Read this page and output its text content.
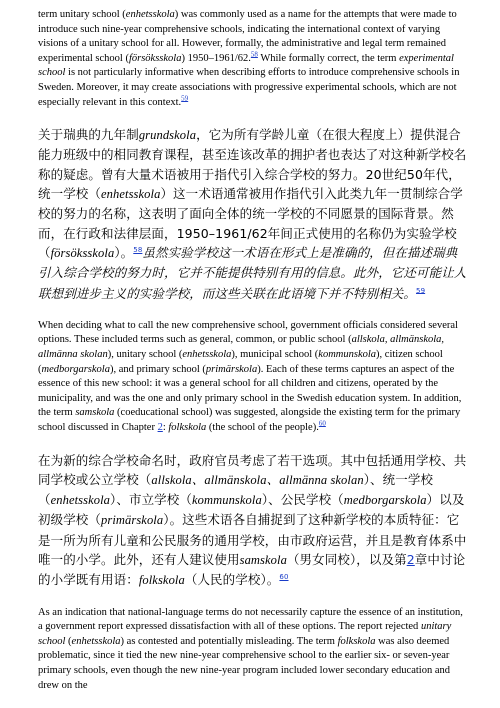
term unitary school (enhetsskola) was commonly used as a name for the attempts that were made to introduce such nine-year comprehensive schools, indicating the international context of varying visions of a unitary school for all. However, formally, the administrative and legal term remained experimental school (försöksskola) 1950–1961/62.58 While formally correct, the term experimental school is not particularly informative when describing efforts to introduce comprehensive schools in Sweden. Moreover, it may create associations with progressive experimental schools, which are not especially relevant in this context.$^{59}$

关于瑞典的九年制grundskola，它为所有学龄儿童（在很大程度上）提供混合能力班级中的相同教育课程，甚至连该改革的拥护者也表达了对这种新学校名称的疑虑。曾有大量术语被用于指代引入综合学校的努力。20世纪50年代，统一学校（enhetsskola）这一术语通常被用作指代引入此类九年一贯制综合学校的努力的名称，这表明了面向全体的统一学校的不同愿景的国际背景。然而，在行政和法律层面，1950–1961/62年间正式使用的名称仍为实验学校（försöksskola）。$^{58}$虽然实验学校这一术语在形式上是准确的，但在描述瑞典引入综合学校的努力时，它并不能提供特别有用的信息。此外，它还可能让人联想到进步主义的实验学校，而这些关联在此语境下并不特别相关。$^{59}$

When deciding what to call the new comprehensive school, government officials considered several options. These included terms such as general, common, or public school (allskola, allmänskola, allmänna skolan), unitary school (enhetsskola), municipal school (kommunskola), citizen school (medborgarskola), and primary school (primärskola). Each of these terms captures an aspect of the essence of this new school: it was a general school for all children and citizens, operated by the municipality, and was the one and only primary school in the Swedish education system. In addition, the term samskola (coeducational school) was suggested, alongside the existing term for the primary school discussed in Chapter 2: folkskola (the school of the people).$^{60}$

在为新的综合学校命名时，政府官员考虑了若干选项。其中包括通用学校、共同学校或公立学校（allskola、allmänskola、allmänna skolan）、统一学校（enhetsskola）、市立学校（kommunskola）、公民学校（medborgarskola）以及初级学校（primärskola）。这些术语各自捕捉到了这种新学校的本质特征：它是一所为所有儿童和公民服务的通用学校，由市政府运营，并且是教育体系中唯一的小学。此外，还有人建议使用samskola（男女同校），以及第2章中讨论的小学既有用语：folkskola（人民的学校）。$^{60}$

As an indication that national-language terms do not necessarily capture the essence of an institution, a government report expressed dissatisfaction with all of these options. The report rejected unitary school (enhetsskola) as contested and potentially misleading. The term folkskola was also deemed problematic, since it tied the new nine-year comprehensive school to the earlier six- or seven-year primary schools, even though the new nine-year program included lower secondary education and drew on the
